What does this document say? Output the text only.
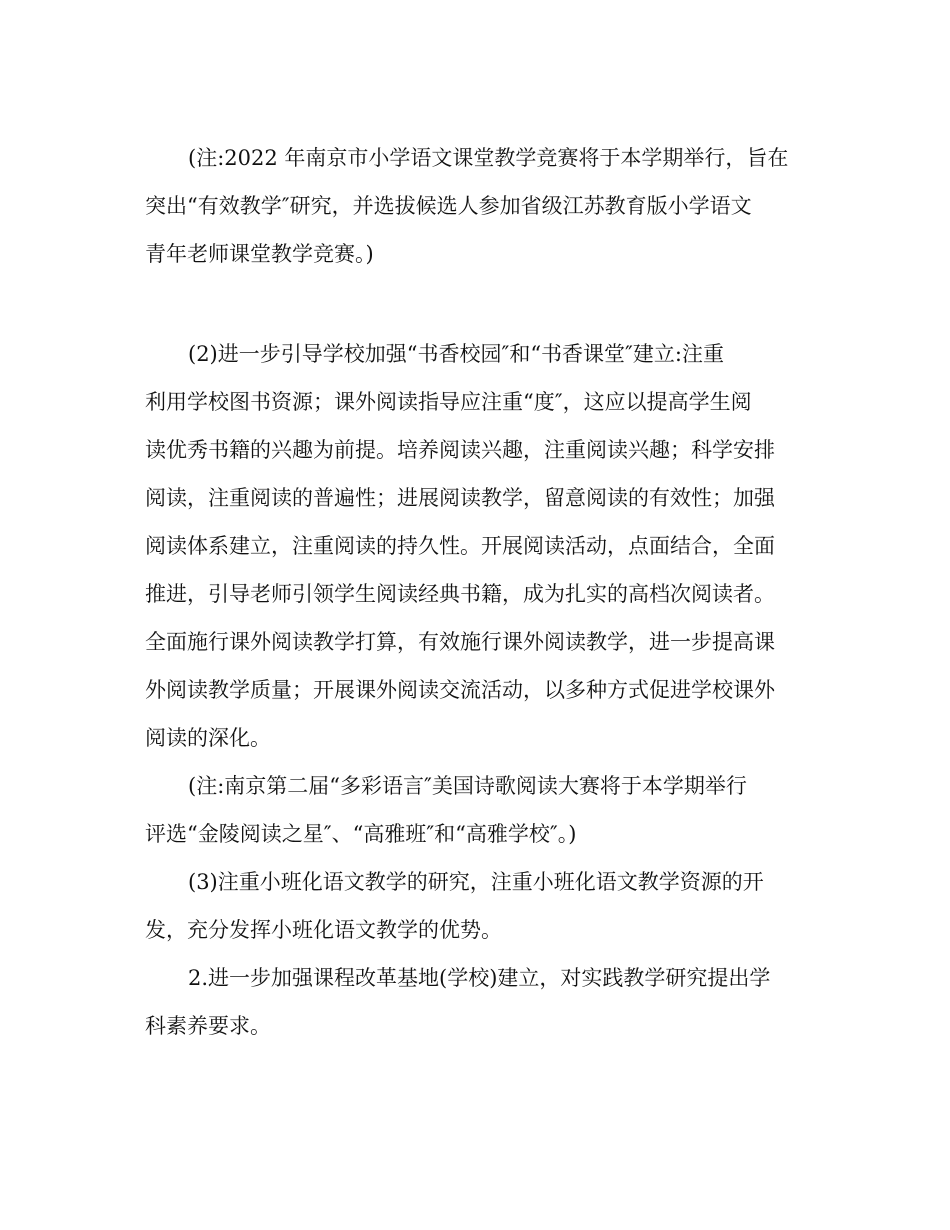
(注:2022 年南京市小学语文课堂教学竞赛将于本学期举行，旨在
突出“有效教学″研究，并选拔候选人参加省级江苏教育版小学语文
青年老师课堂教学竞赛。)
(2)进一步引导学校加强“书香校园″和“书香课堂″建立:注重
利用学校图书资源；课外阅读指导应注重“度″，这应以提高学生阅
读优秀书籍的兴趣为前提。培养阅读兴趣，注重阅读兴趣；科学安排
阅读，注重阅读的普遍性；进展阅读教学，留意阅读的有效性；加强
阅读体系建立，注重阅读的持久性。开展阅读活动，点面结合，全面
推进，引导老师引领学生阅读经典书籍，成为扎实的高档次阅读者。
全面施行课外阅读教学打算，有效施行课外阅读教学，进一步提高课
外阅读教学质量；开展课外阅读交流活动，以多种方式促进学校课外
阅读的深化。
(注:南京第二届“多彩语言″美国诗歌阅读大赛将于本学期举行
评选“金陵阅读之星″、“高雅班″和“高雅学校″。)
(3)注重小班化语文教学的研究，注重小班化语文教学资源的开
发，充分发挥小班化语文教学的优势。
2.进一步加强课程改革基地(学校)建立，对实践教学研究提出学
科素养要求。
